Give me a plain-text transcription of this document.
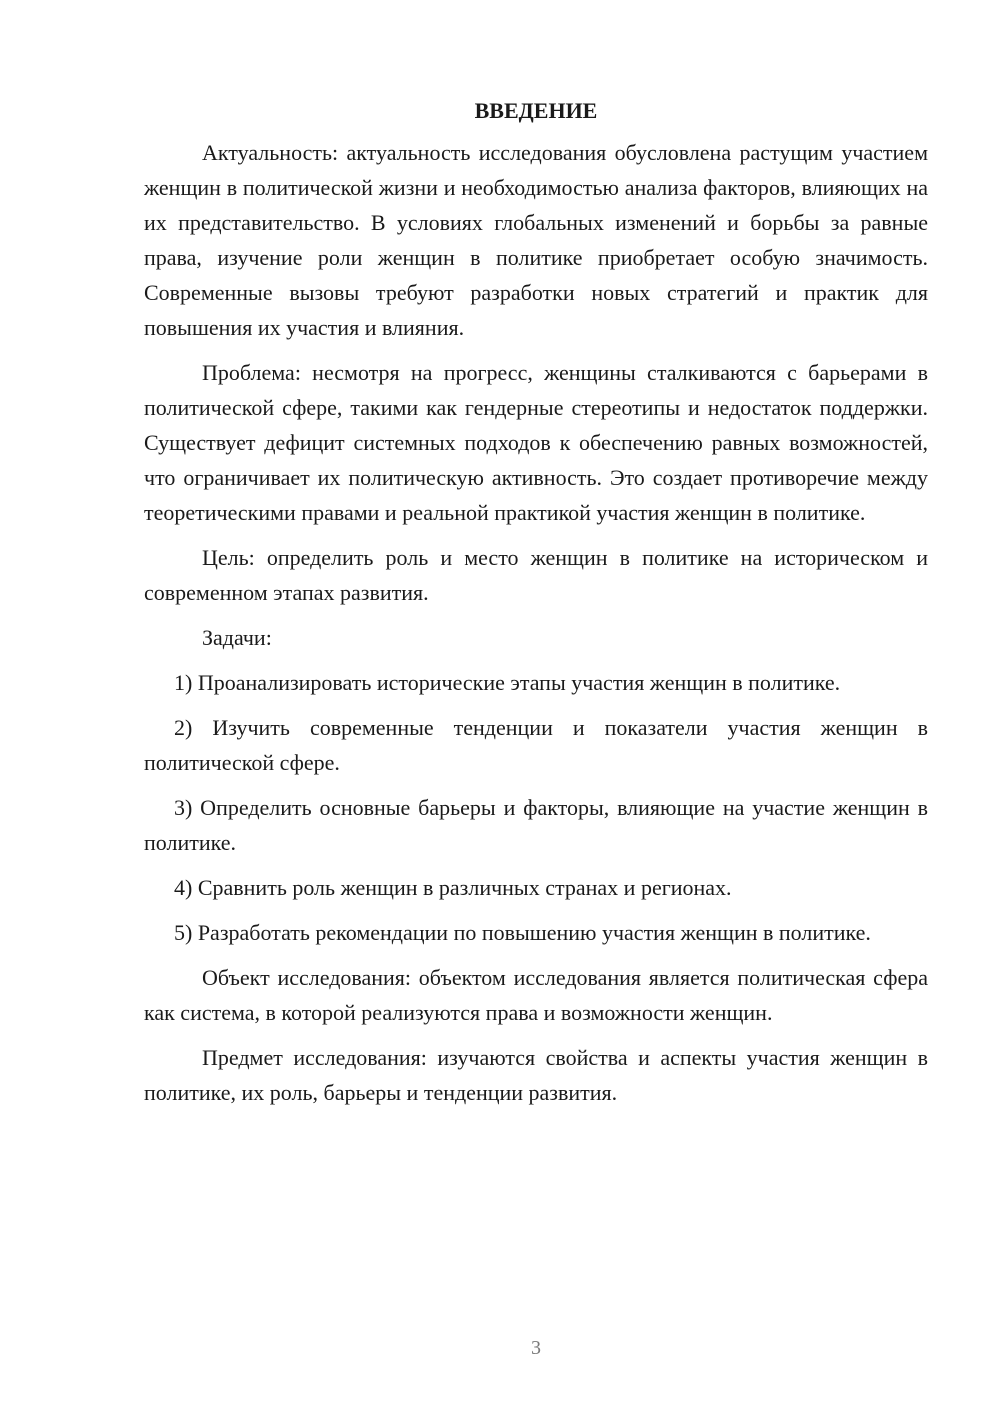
ВВЕДЕНИЕ

Актуальность: актуальность исследования обусловлена растущим участием женщин в политической жизни и необходимостью анализа факторов, влияющих на их представительство. В условиях глобальных изменений и борьбы за равные права, изучение роли женщин в политике приобретает особую значимость. Современные вызовы требуют разработки новых стратегий и практик для повышения их участия и влияния.

Проблема: несмотря на прогресс, женщины сталкиваются с барьерами в политической сфере, такими как гендерные стереотипы и недостаток поддержки. Существует дефицит системных подходов к обеспечению равных возможностей, что ограничивает их политическую активность. Это создает противоречие между теоретическими правами и реальной практикой участия женщин в политике.

Цель: определить роль и место женщин в политике на историческом и современном этапах развития.

Задачи:

1) Проанализировать исторические этапы участия женщин в политике.

2) Изучить современные тенденции и показатели участия женщин в политической сфере.

3) Определить основные барьеры и факторы, влияющие на участие женщин в политике.

4) Сравнить роль женщин в различных странах и регионах.

5) Разработать рекомендации по повышению участия женщин в политике.

Объект исследования: объектом исследования является политическая сфера как система, в которой реализуются права и возможности женщин.

Предмет исследования: изучаются свойства и аспекты участия женщин в политике, их роль, барьеры и тенденции развития.

3
